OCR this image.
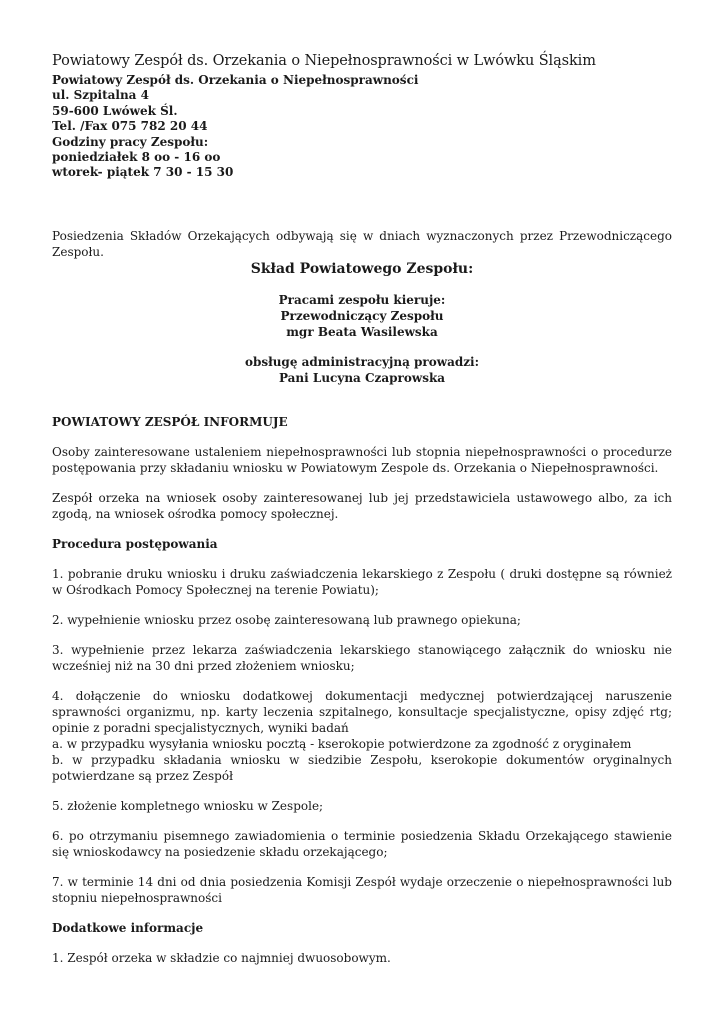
Powiatowy Zespół ds. Orzekania o Niepełnosprawności w Lwówku Śląskim
Powiatowy Zespół ds. Orzekania o Niepełnosprawności
ul. Szpitalna 4
59-600 Lwówek Śl.
Tel. /Fax 075 782 20 44
Godziny pracy Zespołu:
poniedziałek 8 oo - 16 oo
wtorek- piątek 7 30 - 15 30

Posiedzenia Składów Orzekających odbywają się w dniach wyznaczonych przez Przewodniczącego Zespołu.

Skład Powiatowego Zespołu:

Pracami zespołu kieruje:

Przewodniczący Zespołu

mgr Beata Wasilewska

obsługę administracyjną prowadzi:

Pani Lucyna Czaprowska

POWIATOWY ZESPÓŁ INFORMUJE

Osoby zainteresowane ustaleniem niepełnosprawności lub stopnia niepełnosprawności o procedurze postępowania przy składaniu wniosku w Powiatowym Zespole ds. Orzekania o Niepełnosprawności.

Zespół orzeka na wniosek osoby zainteresowanej lub jej przedstawiciela ustawowego albo, za ich zgodą, na wniosek ośrodka pomocy społecznej.

Procedura postępowania

1. pobranie druku wniosku i druku zaświadczenia lekarskiego z Zespołu ( druki dostępne są również w Ośrodkach Pomocy Społecznej na terenie Powiatu);

2. wypełnienie wniosku przez osobę zainteresowaną lub prawnego opiekuna;

3. wypełnienie przez lekarza zaświadczenia lekarskiego stanowiącego załącznik do wniosku nie wcześniej niż na 30 dni przed złożeniem wniosku;

4. dołączenie do wniosku dodatkowej dokumentacji medycznej potwierdzającej naruszenie sprawności organizmu, np. karty leczenia szpitalnego, konsultacje specjalistyczne, opisy zdjęć rtg; opinie z poradni specjalistycznych, wyniki badań

a. w przypadku wysyłania wniosku pocztą - kserokopie potwierdzone za zgodność z oryginałem

b. w przypadku składania wniosku w siedzibie Zespołu, kserokopie dokumentów oryginalnych potwierdzane są przez Zespół

5. złożenie kompletnego wniosku w Zespole;

6. po otrzymaniu pisemnego zawiadomienia o terminie posiedzenia Składu Orzekającego stawienie się wnioskodawcy na posiedzenie składu orzekającego;

7. w terminie 14 dni od dnia posiedzenia Komisji Zespół wydaje orzeczenie o niepełnosprawności lub stopniu niepełnosprawności

Dodatkowe informacje

1. Zespół orzeka w składzie co najmniej dwuosobowym.
